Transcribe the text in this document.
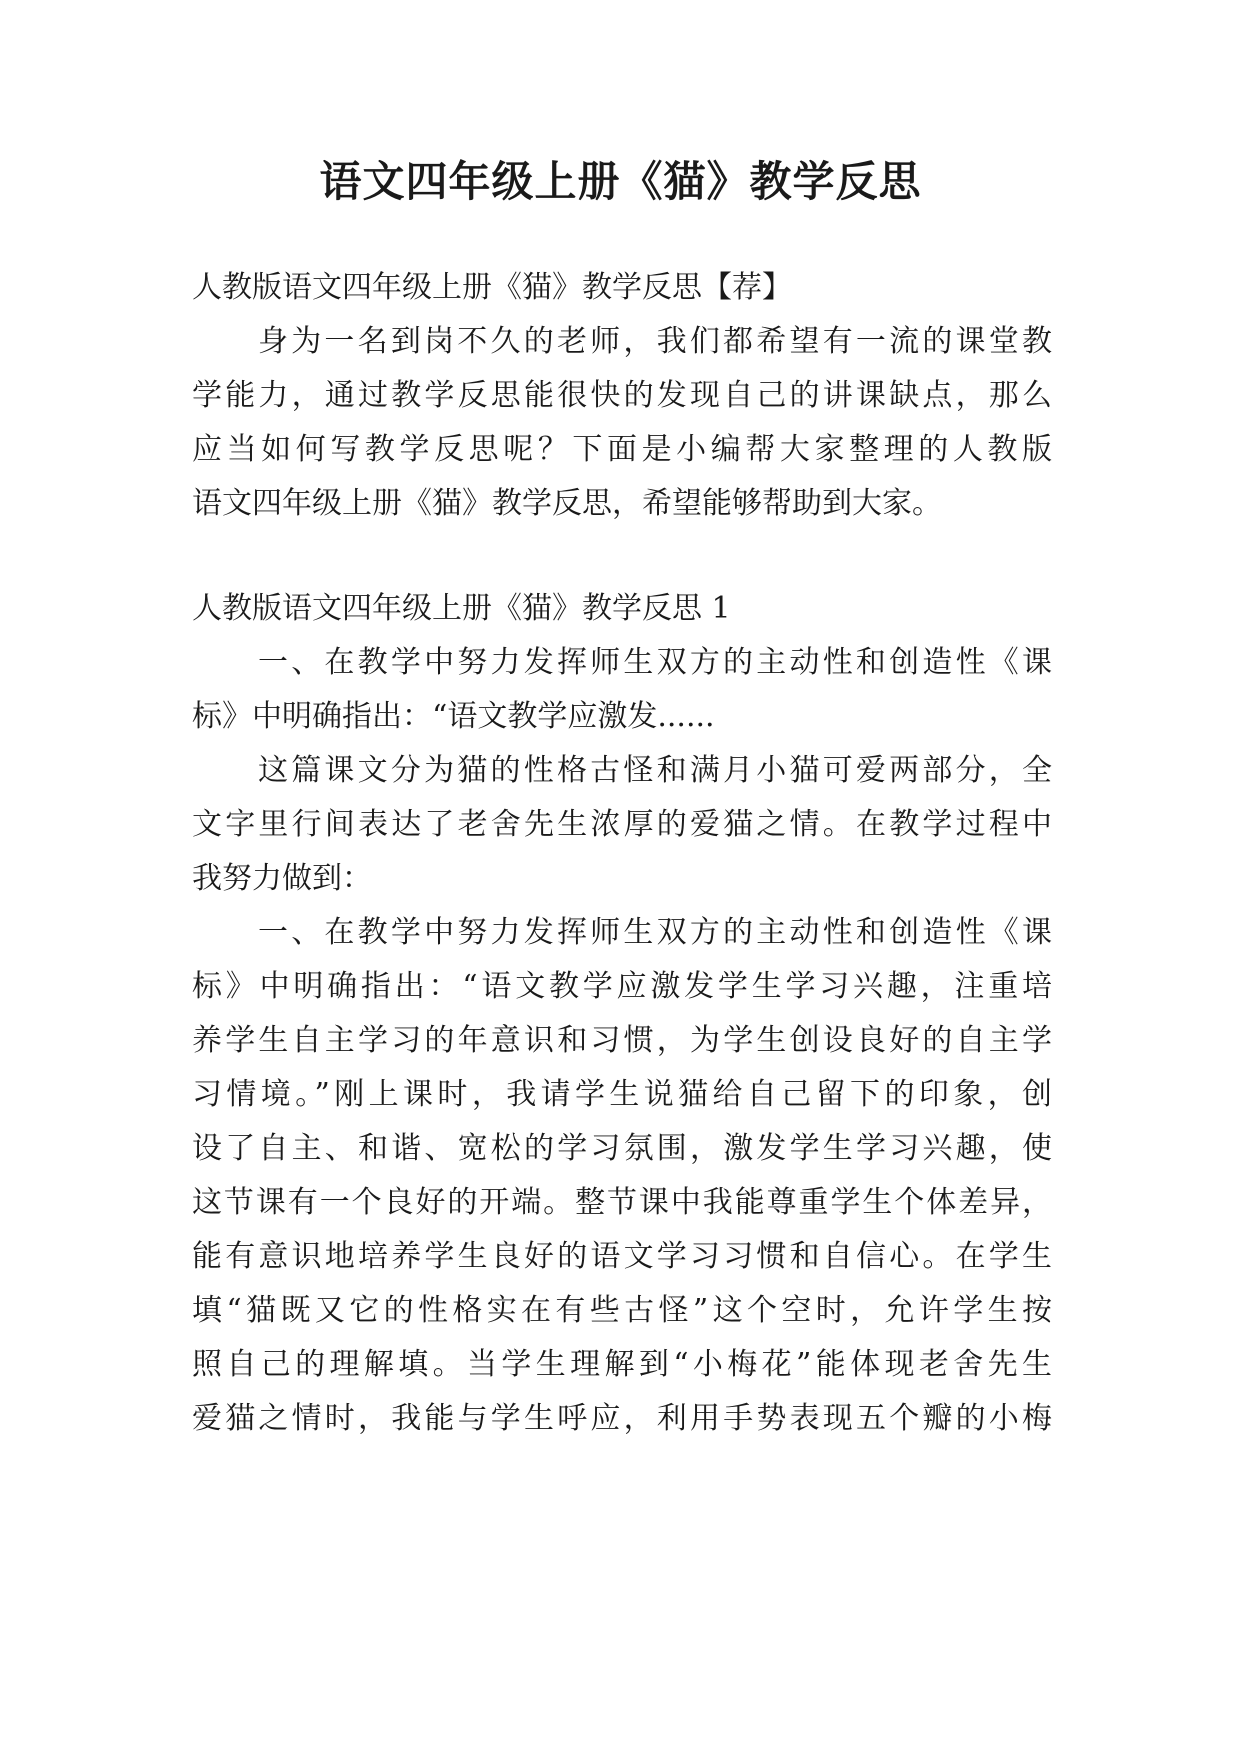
语文四年级上册《猫》教学反思

人教版语文四年级上册《猫》教学反思【荐】

身为一名到岗不久的老师，我们都希望有一流的课堂教

学能力，通过教学反思能很快的发现自己的讲课缺点，那么

应当如何写教学反思呢？下面是小编帮大家整理的人教版

语文四年级上册《猫》教学反思，希望能够帮助到大家。

人教版语文四年级上册《猫》教学反思 1

一、在教学中努力发挥师生双方的主动性和创造性《课

标》中明确指出：“语文教学应激发......

这篇课文分为猫的性格古怪和满月小猫可爱两部分，全

文字里行间表达了老舍先生浓厚的爱猫之情。在教学过程中

我努力做到：

一、在教学中努力发挥师生双方的主动性和创造性《课

标》中明确指出：“语文教学应激发学生学习兴趣，注重培

养学生自主学习的年意识和习惯，为学生创设良好的自主学

习情境。”刚上课时，我请学生说猫给自己留下的印象，创

设了自主、和谐、宽松的学习氛围，激发学生学习兴趣，使

这节课有一个良好的开端。整节课中我能尊重学生个体差异，

能有意识地培养学生良好的语文学习习惯和自信心。在学生

填“猫既又它的性格实在有些古怪”这个空时，允许学生按

照自己的理解填。当学生理解到“小梅花”能体现老舍先生

爱猫之情时，我能与学生呼应，利用手势表现五个瓣的小梅
